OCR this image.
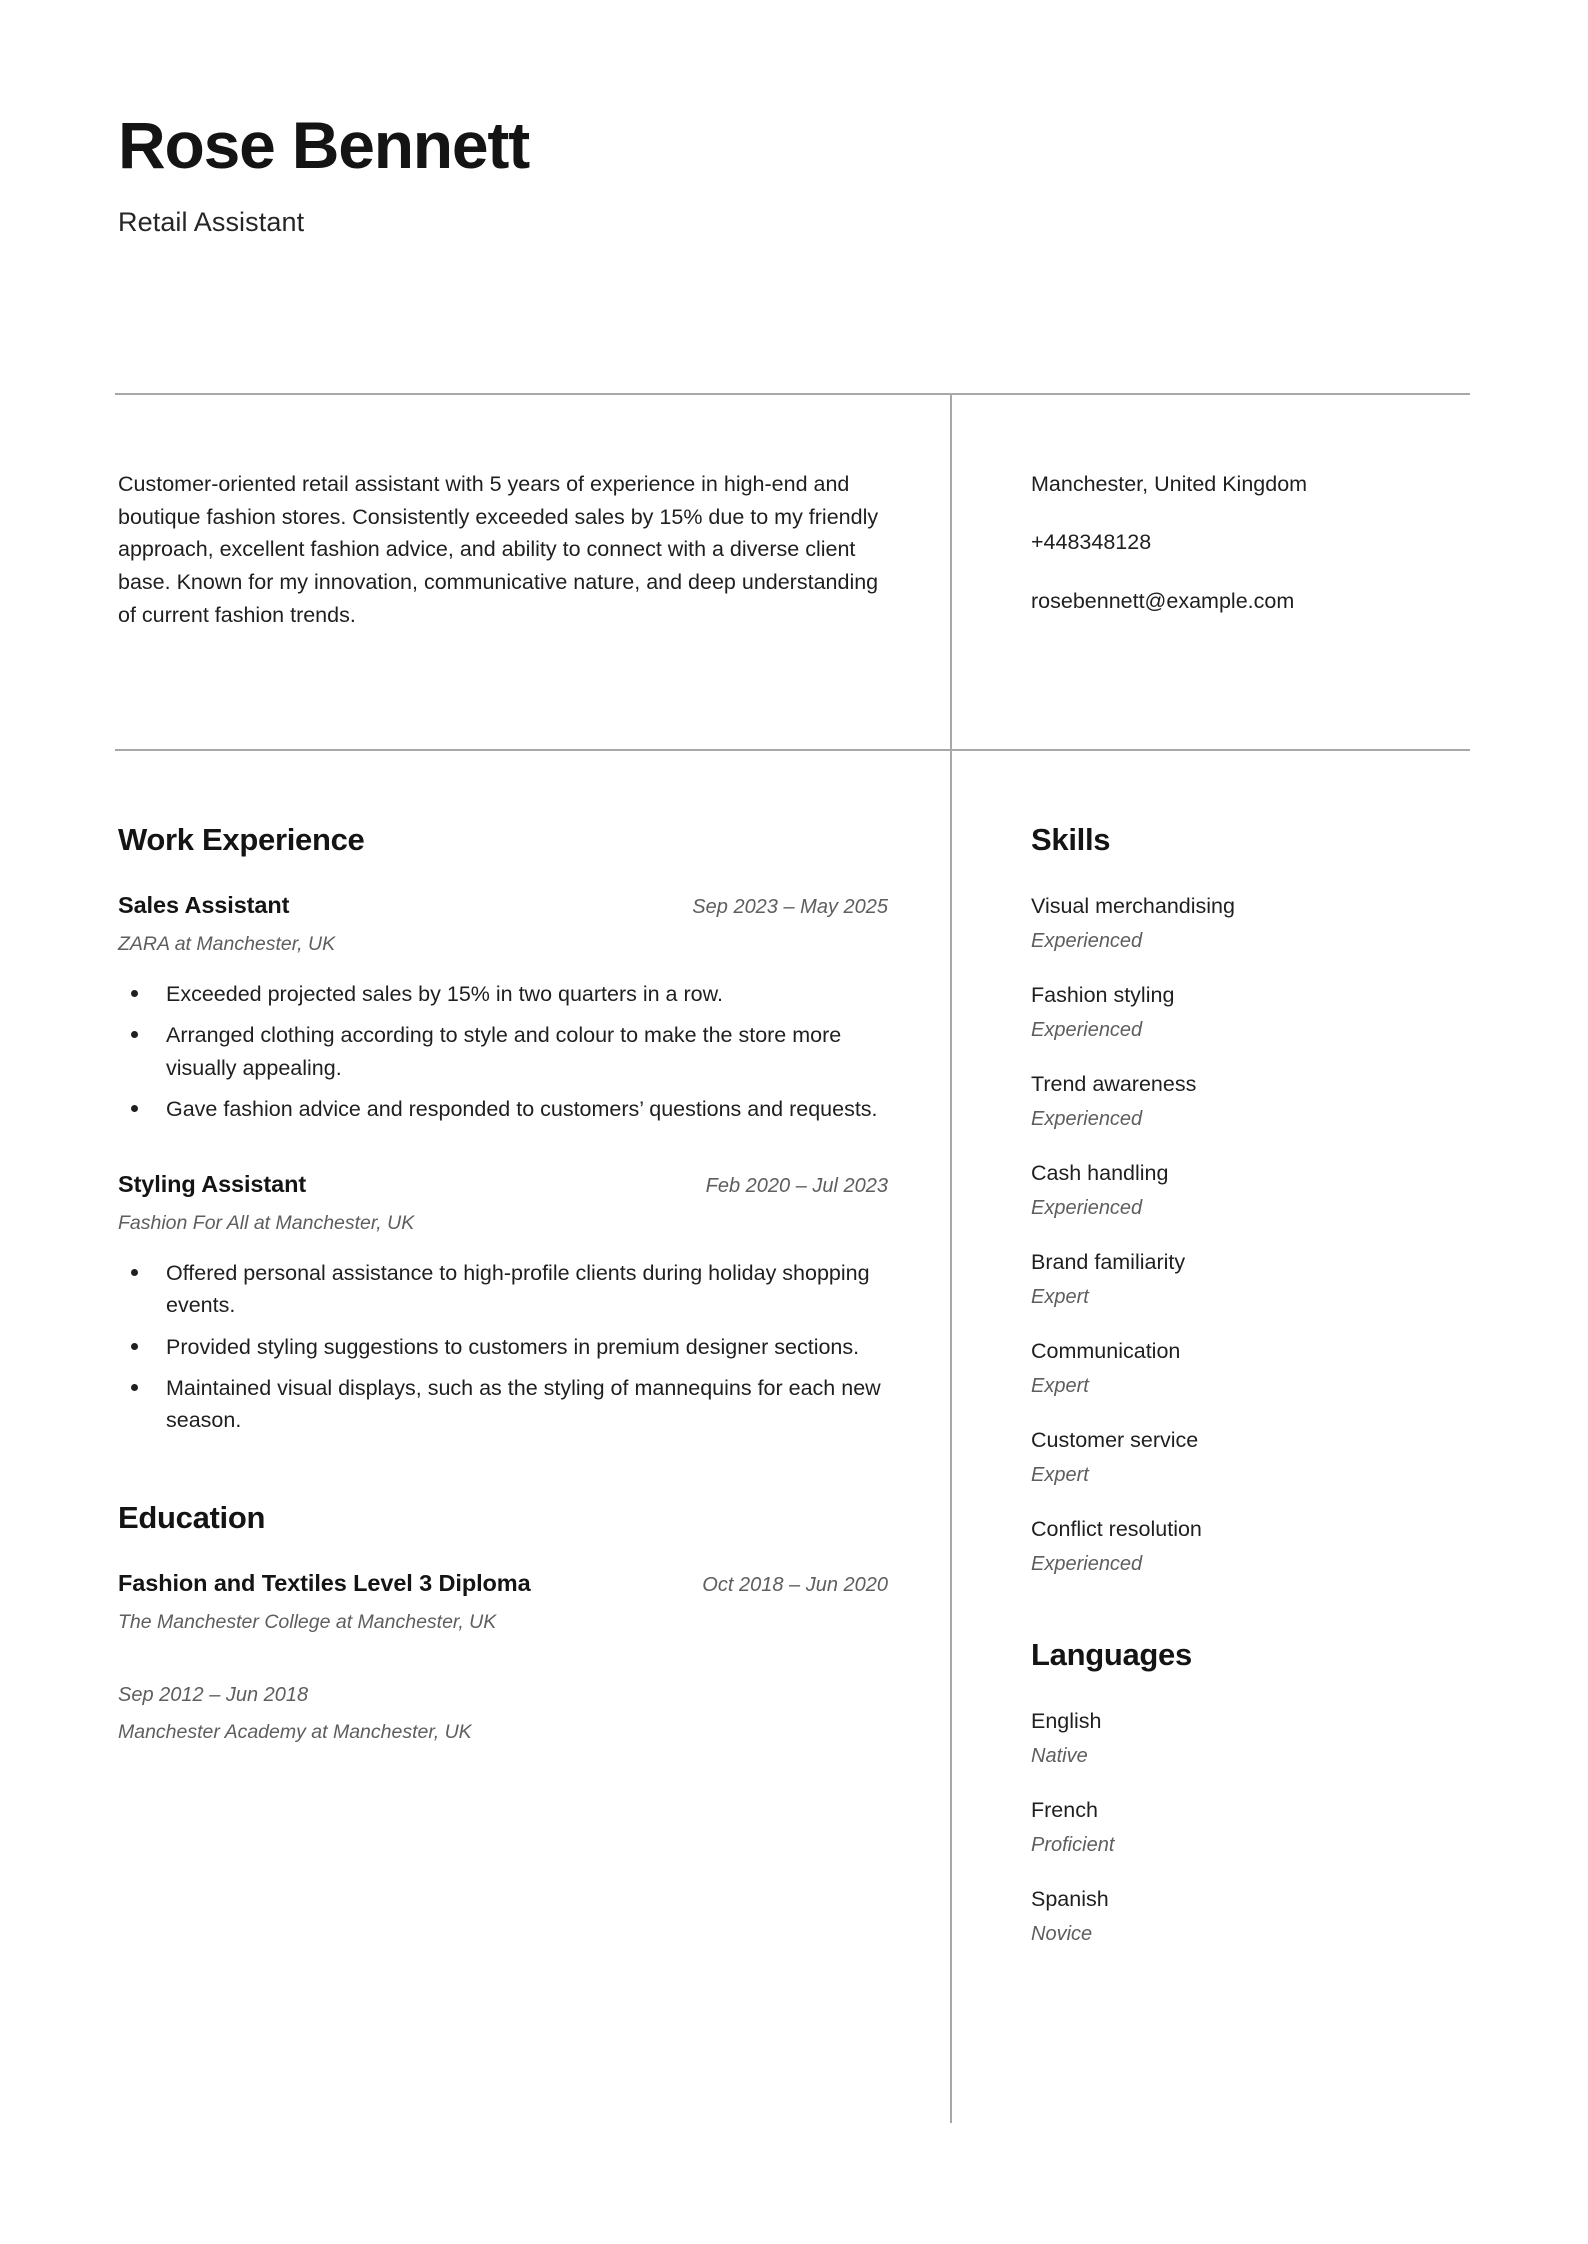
Rose Bennett
Retail Assistant

Customer-oriented retail assistant with 5 years of experience in high-end and boutique fashion stores. Consistently exceeded sales by 15% due to my friendly approach, excellent fashion advice, and ability to connect with a diverse client base. Known for my innovation, communicative nature, and deep understanding of current fashion trends.

Manchester, United Kingdom
+448348128
rosebennett@example.com
Work Experience
Sales Assistant	Sep 2023 – May 2025
ZARA at Manchester, UK
Exceeded projected sales by 15% in two quarters in a row.
Arranged clothing according to style and colour to make the store more visually appealing.
Gave fashion advice and responded to customers’ questions and requests.
Styling Assistant	Feb 2020 – Jul 2023
Fashion For All at Manchester, UK
Offered personal assistance to high-profile clients during holiday shopping events.
Provided styling suggestions to customers in premium designer sections.
Maintained visual displays, such as the styling of mannequins for each new season.
Education
Fashion and Textiles Level 3 Diploma	Oct 2018 – Jun 2020
The Manchester College at Manchester, UK
Sep 2012 – Jun 2018
Manchester Academy at Manchester, UK
Skills
Visual merchandising
Experienced
Fashion styling
Experienced
Trend awareness
Experienced
Cash handling
Experienced
Brand familiarity
Expert
Communication
Expert
Customer service
Expert
Conflict resolution
Experienced
Languages
English
Native
French
Proficient
Spanish
Novice
